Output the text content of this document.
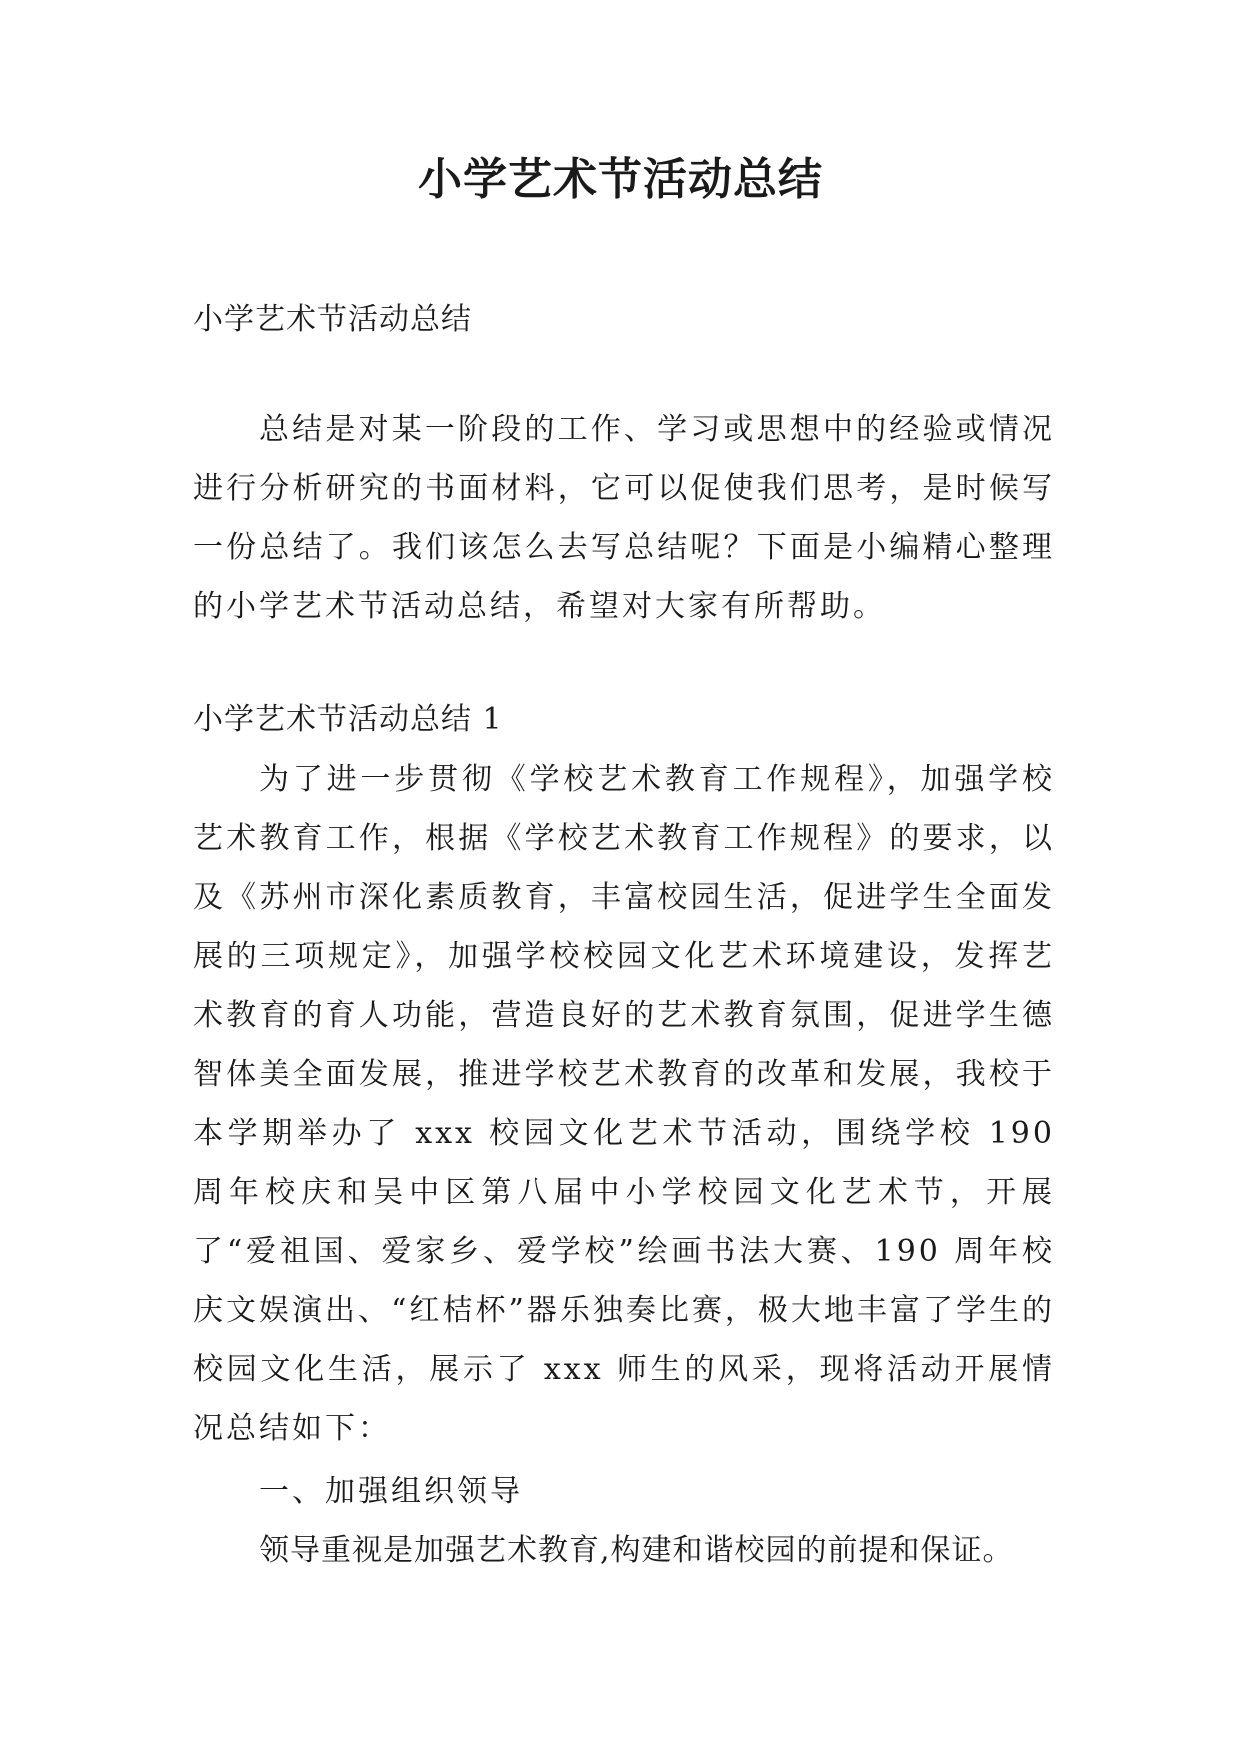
小学艺术节活动总结

小学艺术节活动总结

总结是对某一阶段的工作、学习或思想中的经验或情况进行分析研究的书面材料，它可以促使我们思考，是时候写一份总结了。我们该怎么去写总结呢？下面是小编精心整理的小学艺术节活动总结，希望对大家有所帮助。

小学艺术节活动总结 1

为了进一步贯彻《学校艺术教育工作规程》，加强学校艺术教育工作，根据《学校艺术教育工作规程》的要求，以及《苏州市深化素质教育，丰富校园生活，促进学生全面发展的三项规定》，加强学校校园文化艺术环境建设，发挥艺术教育的育人功能，营造良好的艺术教育氛围，促进学生德智体美全面发展，推进学校艺术教育的改革和发展，我校于本学期举办了 xxx 校园文化艺术节活动，围绕学校 190 周年校庆和吴中区第八届中小学校园文化艺术节，开展了“爱祖国、爱家乡、爱学校”绘画书法大赛、190 周年校庆文娱演出、“红桔杯”器乐独奏比赛，极大地丰富了学生的校园文化生活，展示了 xxx 师生的风采，现将活动开展情况总结如下：

一、加强组织领导

领导重视是加强艺术教育,构建和谐校园的前提和保证。
